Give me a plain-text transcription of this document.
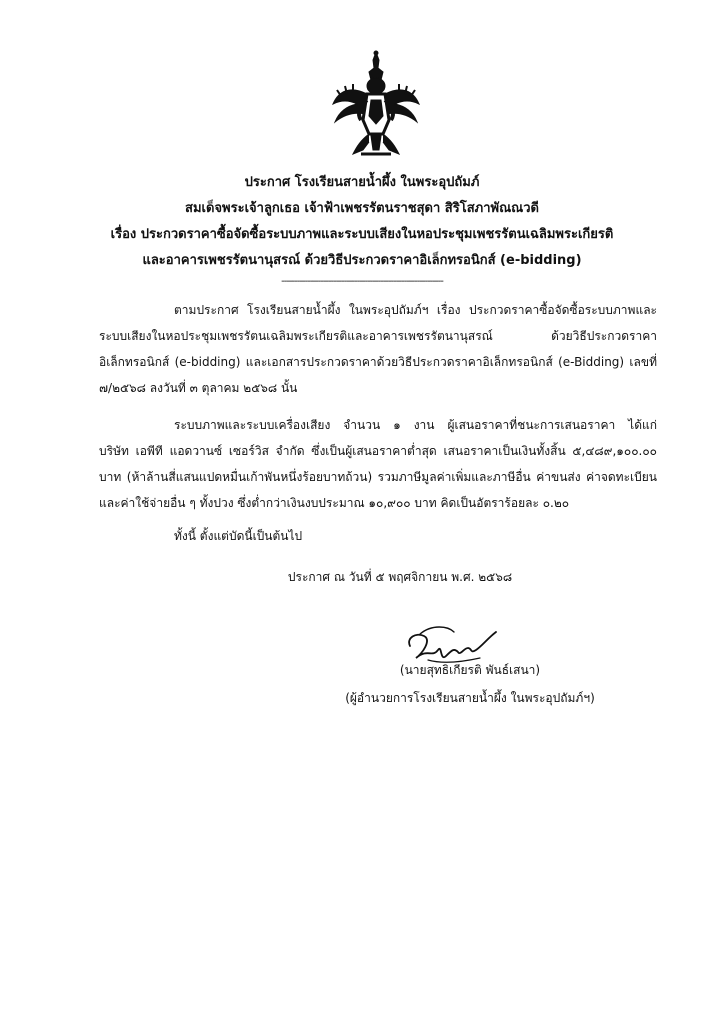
ประกาศ โรงเรียนสายน้ำผึ้ง ในพระอุปถัมภ์
สมเด็จพระเจ้าลูกเธอ เจ้าฟ้าเพชรรัตนราชสุดา สิริโสภาพัณณวดี
เรื่อง ประกวดราคาซื้อจัดซื้อระบบภาพและระบบเสียงในหอประชุมเพชรรัตนเฉลิมพระเกียรติ
และอาคารเพชรรัตนานุสรณ์ ด้วยวิธีประกวดราคาอิเล็กทรอนิกส์ (e-bidding)
--------------------------------------------------------------
ตามประกาศ โรงเรียนสายน้ำผึ้ง ในพระอุปถัมภ์ฯ เรื่อง ประกวดราคาซื้อจัดซื้อระบบภาพและ
ระบบเสียงในหอประชุมเพชรรัตนเฉลิมพระเกียรติและอาคารเพชรรัตนานุสรณ์ ด้วยวิธีประกวดราคา
อิเล็กทรอนิกส์ (e-bidding) และเอกสารประกวดราคาด้วยวิธีประกวดราคาอิเล็กทรอนิกส์ (e-Bidding) เลขที่
๗/๒๕๖๘ ลงวันที่ ๓ ตุลาคม ๒๕๖๘ นั้น
ระบบภาพและระบบเครื่องเสียง จำนวน ๑ งาน ผู้เสนอราคาที่ชนะการเสนอราคา ได้แก่
บริษัท เอพีที แอดวานซ์ เซอร์วิส จำกัด ซึ่งเป็นผู้เสนอราคาต่ำสุด เสนอราคาเป็นเงินทั้งสิ้น ๕,๔๘๙,๑๐๐.๐๐
บาท (ห้าล้านสี่แสนแปดหมื่นเก้าพันหนึ่งร้อยบาทถ้วน) รวมภาษีมูลค่าเพิ่มและภาษีอื่น ค่าขนส่ง ค่าจดทะเบียน
และค่าใช้จ่ายอื่น ๆ ทั้งปวง ซึ่งต่ำกว่าเงินงบประมาณ ๑๐,๙๐๐ บาท คิดเป็นอัตราร้อยละ ๐.๒๐
ทั้งนี้ ตั้งแต่บัดนี้เป็นต้นไป
ประกาศ ณ วันที่ ๕ พฤศจิกายน พ.ศ. ๒๕๖๘
(นายสุทธิเกียรติ พันธ์เสนา)
(ผู้อำนวยการโรงเรียนสายน้ำผึ้ง ในพระอุปถัมภ์ฯ)
